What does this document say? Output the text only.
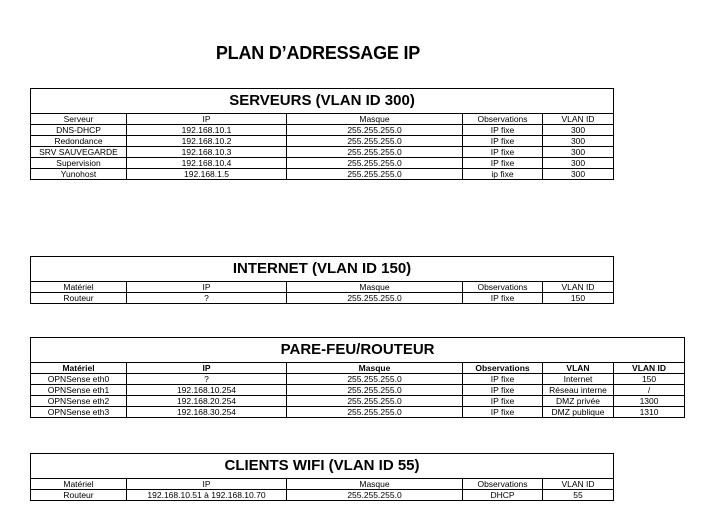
PLAN D’ADRESSAGE IP
SERVEURS (VLAN ID 300)				
Serveur	IP	Masque	Observations	VLAN ID
DNS-DHCP	192.168.10.1	255.255.255.0	IP fixe	300
Redondance	192.168.10.2	255.255.255.0	IP fixe	300
SRV SAUVEGARDE	192.168.10.3	255.255.255.0	IP fixe	300
Supervision	192.168.10.4	255.255.255.0	IP fixe	300
Yunohost	192.168.1.5	255.255.255.0	ip fixe	300
INTERNET (VLAN ID 150)				
Matériel	IP	Masque	Observations	VLAN ID
Routeur	?	255.255.255.0	IP fixe	150
PARE-FEU/ROUTEUR					
Matériel	IP	Masque	Observations	VLAN	VLAN ID
OPNSense eth0	?	255.255.255.0	IP fixe	Internet	150
OPNSense eth1	192.168.10.254	255.255.255.0	IP fixe	Réseau interne	/
OPNSense eth2	192.168.20.254	255.255.255.0	IP fixe	DMZ privée	1300
OPNSense eth3	192.168.30.254	255.255.255.0	IP fixe	DMZ publique	1310
CLIENTS WIFI (VLAN ID 55)				
Matériel	IP	Masque	Observations	VLAN ID
Routeur	192.168.10.51 à 192.168.10.70	255.255.255.0	DHCP	55
